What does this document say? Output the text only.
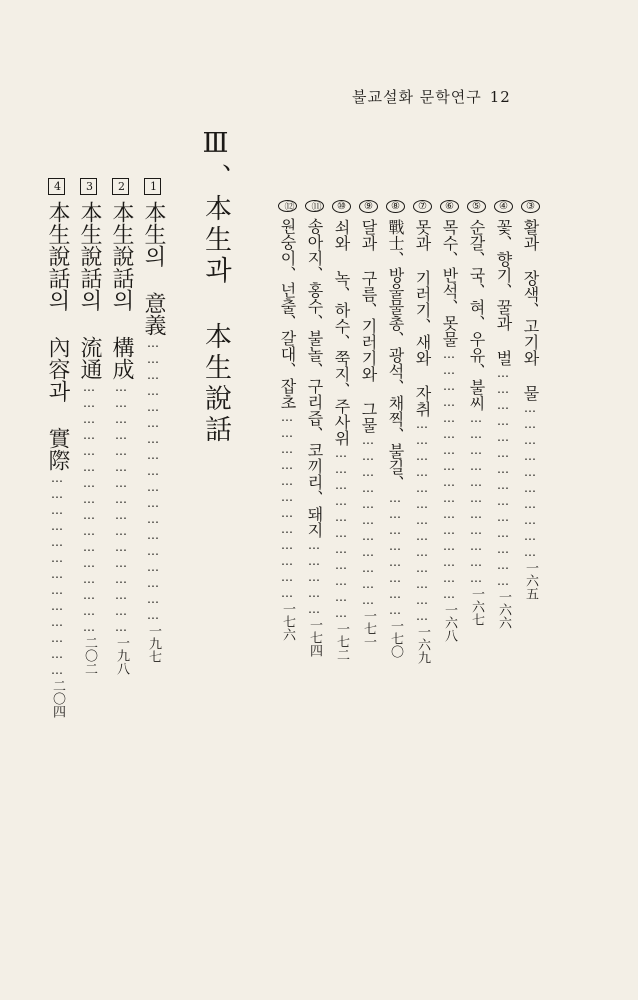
불교설화 문학연구 12
③활과 장색、고기와 물…………………………一六五
④꽃、향기、꿀과 벌……………………………………一六六
⑤순갈、국、혀、우유、불씨……………………………一六七
⑥목수、반석、못물…………………………………………一六八
⑦못과 기러기、새와 자취…………………………………一六九
⑧戰士、방울물총、광석、채찍、불길、……………………一七〇
⑨달과 구름、기러기와 그물……………………………一七一
⑩쇠와 녹、하수、쭉지、주사위……………………………一七二
⑪송아지、홍수、불놀、구리즙、코끼리、돼지……………一七四
⑫원숭이、넌출、갈대、잡초………………………………一七六
Ⅲ、本生과 本生說話
1本生의 意義………………………………………………一九七
2本生說話의 構成…………………………………………一九八
3本生說話의 流通…………………………………………二〇二
4本生說話의 內容과 實際…………………………………二〇四
